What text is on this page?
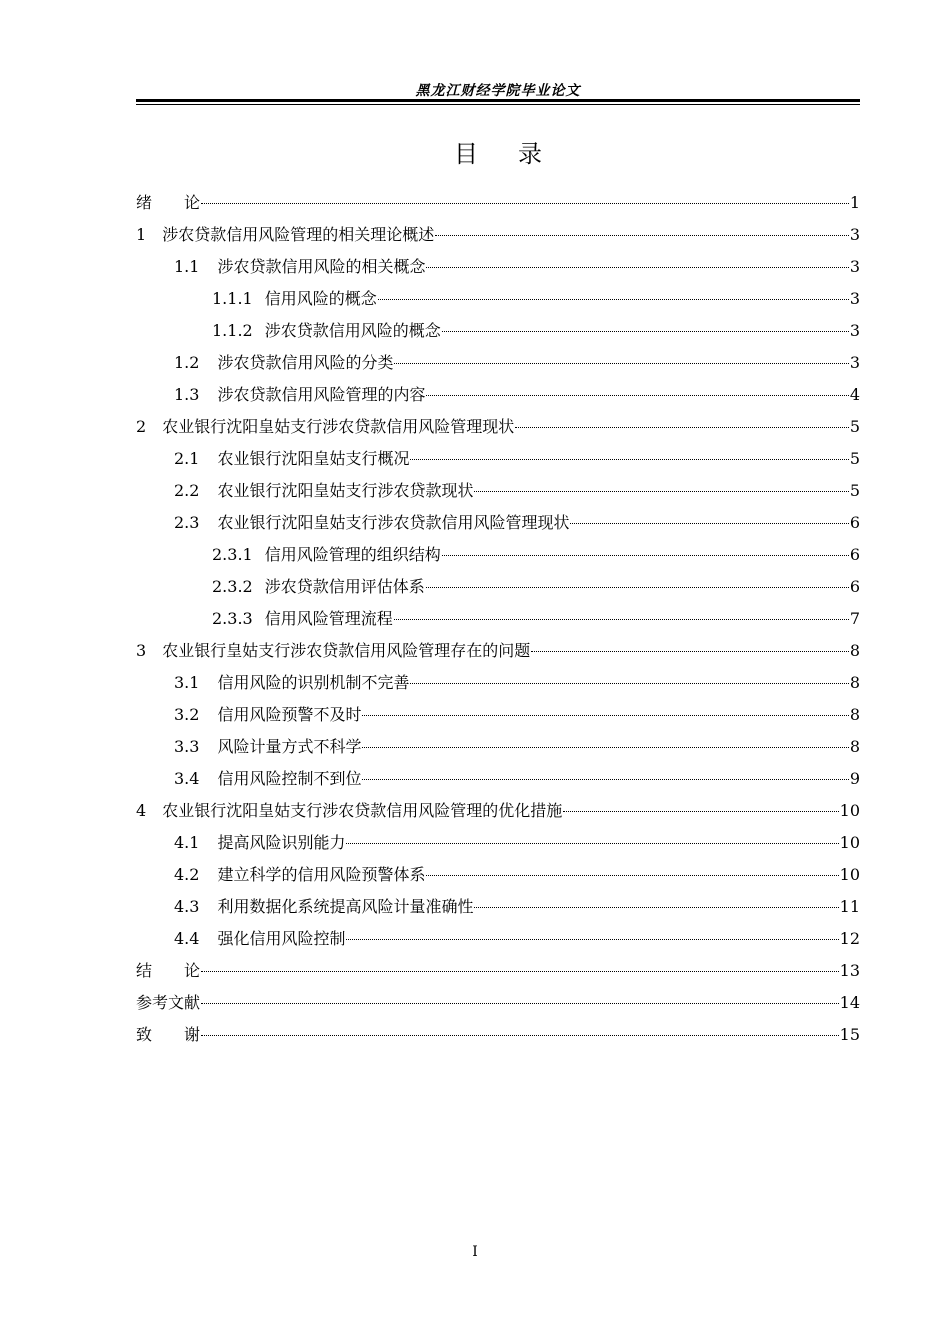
黑龙江财经学院毕业论文
目录
绪　　论	1
1 涉农贷款信用风险管理的相关理论概述	3
1.1 涉农贷款信用风险的相关概念	3
1.1.1 信用风险的概念	3
1.1.2 涉农贷款信用风险的概念	3
1.2 涉农贷款信用风险的分类	3
1.3 涉农贷款信用风险管理的内容	4
2 农业银行沈阳皇姑支行涉农贷款信用风险管理现状	5
2.1 农业银行沈阳皇姑支行概况	5
2.2 农业银行沈阳皇姑支行涉农贷款现状	5
2.3 农业银行沈阳皇姑支行涉农贷款信用风险管理现状	6
2.3.1 信用风险管理的组织结构	6
2.3.2 涉农贷款信用评估体系	6
2.3.3 信用风险管理流程	7
3 农业银行皇姑支行涉农贷款信用风险管理存在的问题	8
3.1 信用风险的识别机制不完善	8
3.2 信用风险预警不及时	8
3.3 风险计量方式不科学	8
3.4 信用风险控制不到位	9
4 农业银行沈阳皇姑支行涉农贷款信用风险管理的优化措施	10
4.1 提高风险识别能力	10
4.2 建立科学的信用风险预警体系	10
4.3 利用数据化系统提高风险计量准确性	11
4.4 强化信用风险控制	12
结　　论	13
参考文献	14
致　　谢	15
I
